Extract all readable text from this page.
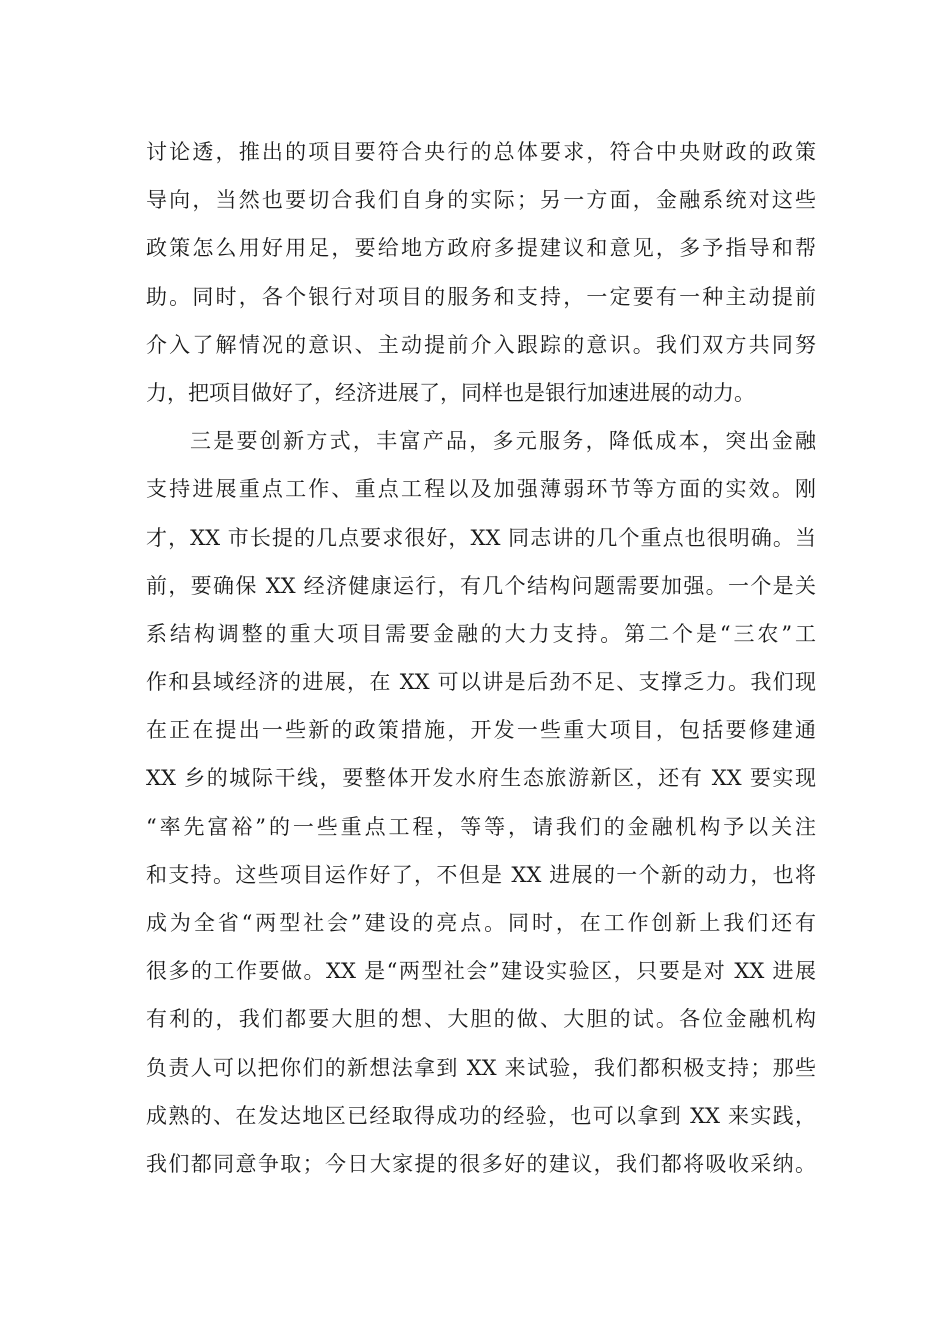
讨论透，推出的项目要符合央行的总体要求，符合中央财政的政策
导向，当然也要切合我们自身的实际；另一方面，金融系统对这些
政策怎么用好用足，要给地方政府多提建议和意见，多予指导和帮
助。同时，各个银行对项目的服务和支持，一定要有一种主动提前
介入了解情况的意识、主动提前介入跟踪的意识。我们双方共同努
力，把项目做好了，经济进展了，同样也是银行加速进展的动力。
三是要创新方式，丰富产品，多元服务，降低成本，突出金融
支持进展重点工作、重点工程以及加强薄弱环节等方面的实效。刚
才，XX 市长提的几点要求很好，XX 同志讲的几个重点也很明确。当
前，要确保 XX 经济健康运行，有几个结构问题需要加强。一个是关
系结构调整的重大项目需要金融的大力支持。第二个是“三农”工
作和县域经济的进展，在 XX 可以讲是后劲不足、支撑乏力。我们现
在正在提出一些新的政策措施，开发一些重大项目，包括要修建通
XX 乡的城际干线，要整体开发水府生态旅游新区，还有 XX 要实现
“率先富裕”的一些重点工程，等等，请我们的金融机构予以关注
和支持。这些项目运作好了，不但是 XX 进展的一个新的动力，也将
成为全省“两型社会”建设的亮点。同时，在工作创新上我们还有
很多的工作要做。XX 是“两型社会”建设实验区，只要是对 XX 进展
有利的，我们都要大胆的想、大胆的做、大胆的试。各位金融机构
负责人可以把你们的新想法拿到 XX 来试验，我们都积极支持；那些
成熟的、在发达地区已经取得成功的经验，也可以拿到 XX 来实践，
我们都同意争取；今日大家提的很多好的建议，我们都将吸收采纳。
